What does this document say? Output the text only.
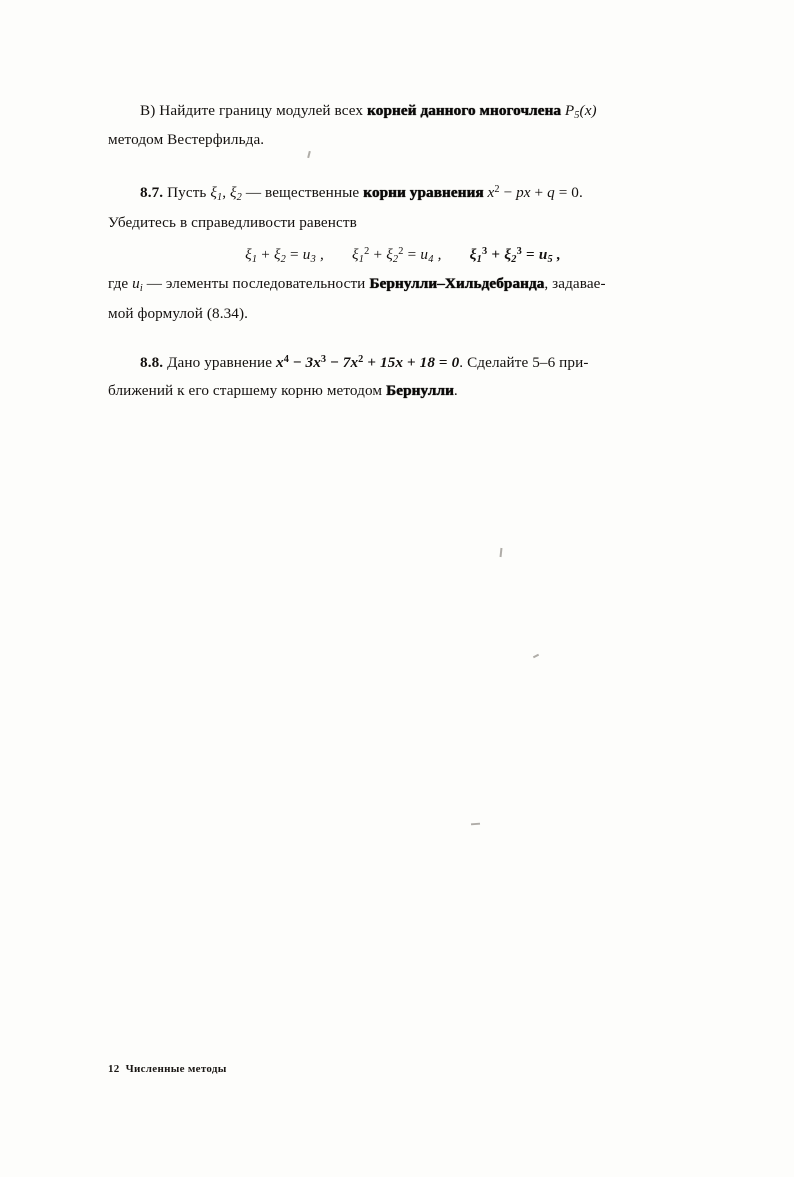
В) Найдите границу модулей всех корней данного многочлена $P_5(x)$

методом Вестерфильда.

8.7. Пусть $\xi_1$, $\xi_2$ — вещественные корни уравнения $x^2$ − px + q = 0.

Убедитесь в справедливости равенств

$\xi_1 + \xi_2 = u_3$ , $\xi_1^2 + \xi_2^2 = u_4$ , $\xi_1^3 + \xi_2^3 = u_5$ ,

где $u_i$ — элементы последовательности Бернулли–Хильдебранда, задавае-

мой формулой (8.34).

8.8. Дано уравнение $x^4 - 3x^3 - 7x^2 + 15x + 18 = 0$. Сделайте 5–6 при-

ближений к его старшему корню методом Бернулли.

12 Численные методы
